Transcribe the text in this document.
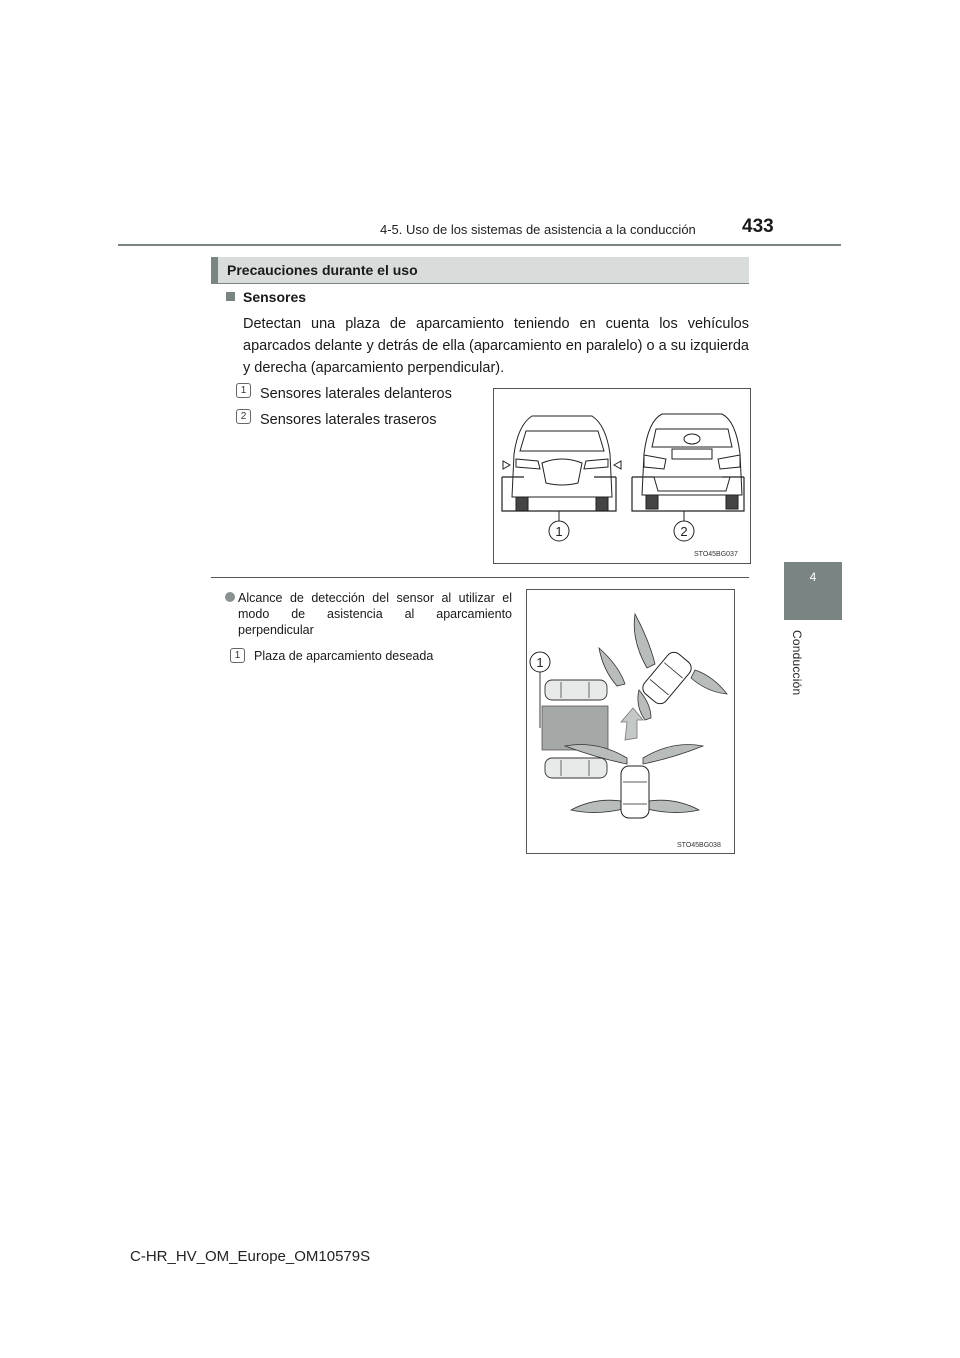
4-5. Uso de los sistemas de asistencia a la conducción 433
4
Conducción
Precauciones durante el uso
Sensores
Detectan una plaza de aparcamiento teniendo en cuenta los vehículos aparcados delante y detrás de ella (aparcamiento en paralelo) o a su izquierda y derecha (aparcamiento perpendicular).
1 Sensores laterales delanteros
2 Sensores laterales traseros
1	2
STO45BG037
Alcance de detección del sensor al utilizar el modo de asistencia al aparcamiento perpendicular
1	Plaza de aparcamiento deseada	1
STO45BG038
C-HR_HV_OM_Europe_OM10579S
